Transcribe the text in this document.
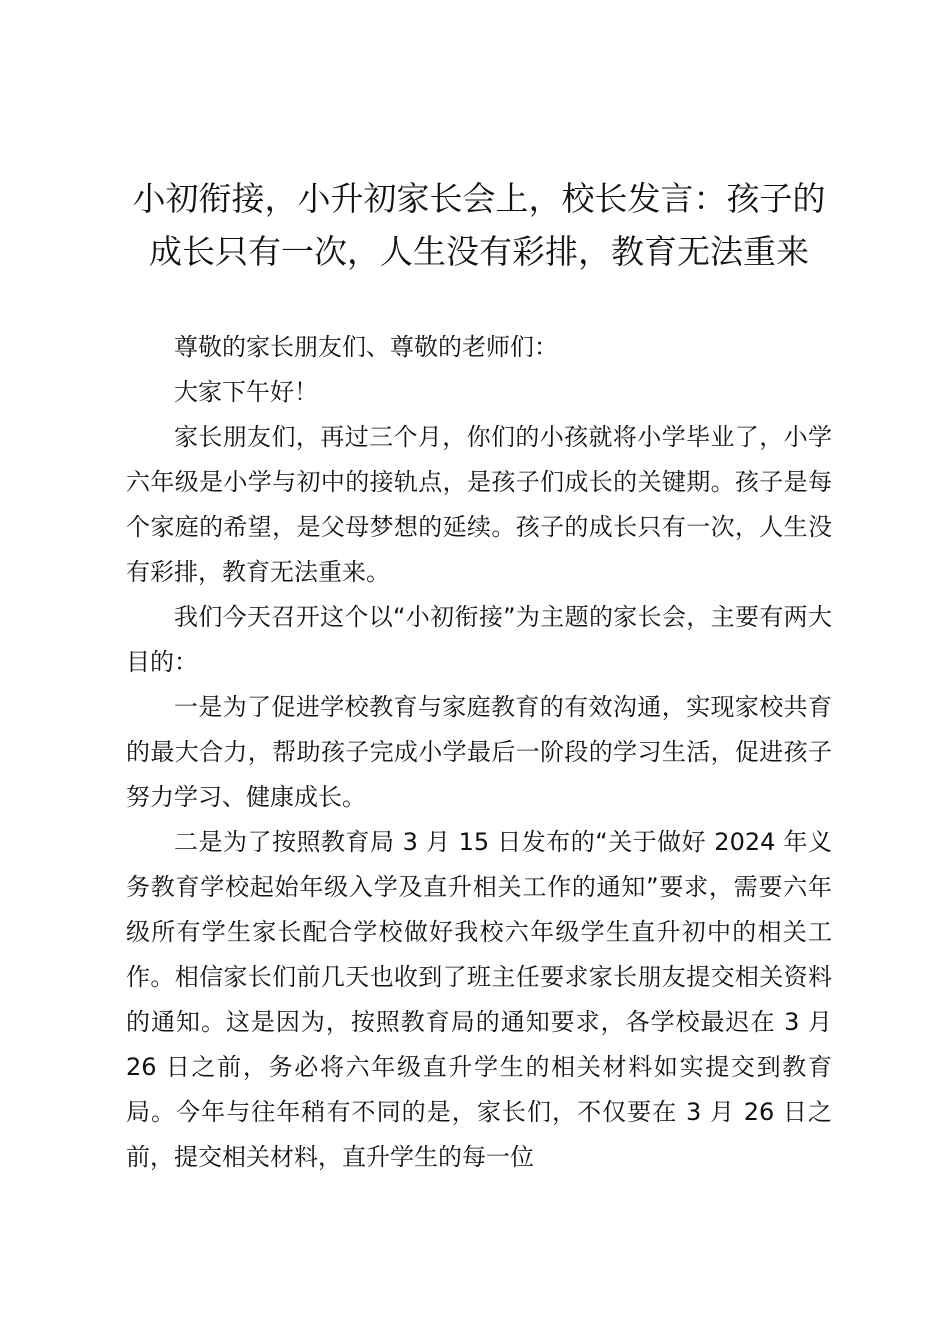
小初衔接，小升初家长会上，校长发言：孩子的成长只有一次，人生没有彩排，教育无法重来

尊敬的家长朋友们、尊敬的老师们：

大家下午好！

家长朋友们，再过三个月，你们的小孩就将小学毕业了，小学六年级是小学与初中的接轨点，是孩子们成长的关键期。孩子是每个家庭的希望，是父母梦想的延续。孩子的成长只有一次，人生没有彩排，教育无法重来。

我们今天召开这个以“小初衔接”为主题的家长会，主要有两大目的：

一是为了促进学校教育与家庭教育的有效沟通，实现家校共育的最大合力，帮助孩子完成小学最后一阶段的学习生活，促进孩子努力学习、健康成长。

二是为了按照教育局 3 月 15 日发布的“关于做好 2024 年义务教育学校起始年级入学及直升相关工作的通知”要求，需要六年级所有学生家长配合学校做好我校六年级学生直升初中的相关工作。相信家长们前几天也收到了班主任要求家长朋友提交相关资料的通知。这是因为，按照教育局的通知要求，各学校最迟在 3 月 26 日之前，务必将六年级直升学生的相关材料如实提交到教育局。今年与往年稍有不同的是，家长们，不仅要在 3 月 26 日之前，提交相关材料，直升学生的每一位
